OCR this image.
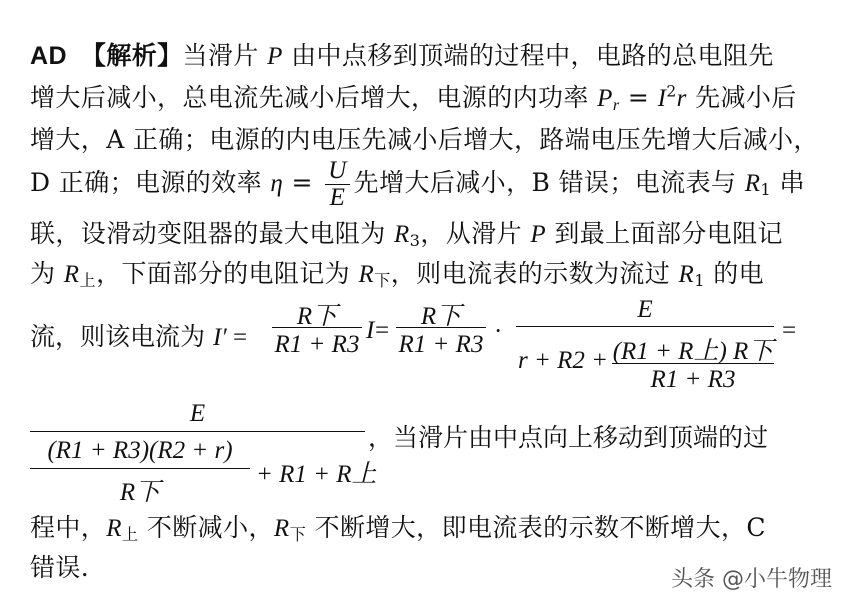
AD 【解析】当滑片 P 由中点移到顶端的过程中，电路的总电阻先
增大后减小，总电流先减小后增大，电源的内功率 $P_r = I^2r$ 先减小后
增大，A 正确；电源的内电压先减小后增大，路端电压先增大后减小，
D 正确；电源的效率 $\eta = \frac{U}{E}$ 先增大后减小，B 错误；电流表与 $R_1$ 串
联，设滑动变阻器的最大电阻为 $R_3$，从滑片 P 到最上面部分电阻记
为 $R_上$，下面部分的电阻记为 $R_下$，则电流表的示数为流过 $R_1$ 的电
流，则该电流为 I′ =
R下
R1 + R3
I =
R下
R1 + R3 ·
E
r + R2 + (R1 + R上) R下
R1 + R3
=
E
(R1 + R3)(R2 + r)
R下
+ R1 + R上
，当滑片由中点向上移动到顶端的过
程中，$R_上$ 不断减小，$R_下$ 不断增大，即电流表的示数不断增大，C
错误.	头条 @小牛物理
